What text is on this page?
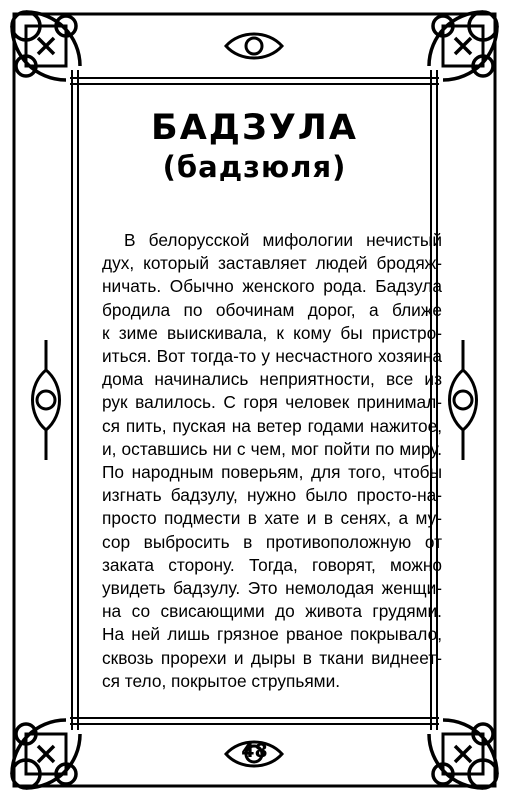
БАДЗУЛА
(бадзюля)
В белорусской мифологии нечистый
дух, который заставляет людей бродяж-
ничать. Обычно женского рода. Бадзула
бродила по обочинам дорог, а ближе
к зиме выискивала, к кому бы пристро-
иться. Вот тогда-то у несчастного хозяина
дома начинались неприятности, все из
рук валилось. С горя человек принимал-
ся пить, пуская на ветер годами нажитое,
и, оставшись ни с чем, мог пойти по миру.
По народным поверьям, для того, чтобы
изгнать бадзулу, нужно было просто-на-
просто подмести в хате и в сенях, а му-
сор выбросить в противоположную от
заката сторону. Тогда, говорят, можно
увидеть бадзулу. Это немолодая женщи-
на со свисающими до живота грудями.
На ней лишь грязное рваное покрывало,
сквозь прорехи и дыры в ткани виднеет-
ся тело, покрытое струпьями.
48
